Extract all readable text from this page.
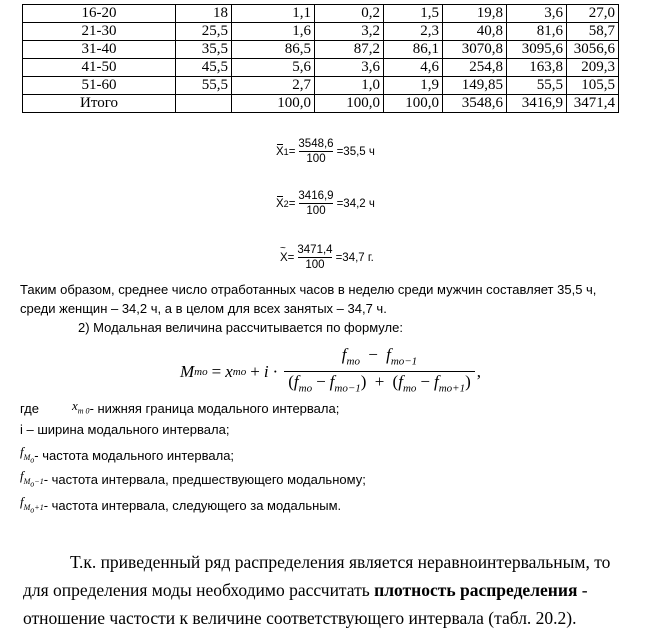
16-20	18	1,1	0,2	1,5	19,8	3,6	27,0
21-30	25,5	1,6	3,2	2,3	40,8	81,6	58,7
31-40	35,5	86,5	87,2	86,1	3070,8	3095,6	3056,6
41-50	45,5	5,6	3,6	4,6	254,8	163,8	209,3
51-60	55,5	2,7	1,0	1,9	149,85	55,5	105,5
Итого		100,0	100,0	100,0	3548,6	3416,9	3471,4
X $1 = \frac{3548,6}{100} =35,5$ ч
X $2 = \frac{3416,9}{100} =34,2$ ч
~ $X = \frac{3471,4}{100} =34,7$ г.
Таким образом, среднее число отработанных часов в неделю среди мужчин составляет 35,5 ч,
среди женщин – 34,2 ч, а в целом для всех занятых – 34,7 ч.
2) Модальная величина рассчитывается по формуле:
M mo = x mo + $i \cdot \frac{f_{mo} - f_{mo-1}}{(f_{mo} - f_{mo-1}) + (f_{mo} - f_{mo+1})}$ ,
где	$x_{m 0}$ - нижняя граница модального интервала;
i – ширина модального интервала;
$f_{M_o}$ - частота модального интервала;
$f_{M_o-1}$ - частота интервала, предшествующего модальному;
$f_{M_o+1}$ - частота интервала, следующего за модальным.
Т.к. приведенный ряд распределения является неравноинтервальным, то
для определения моды необходимо рассчитать плотность распределения -
отношение частости к величине соответствующего интервала (табл. 20.2).
